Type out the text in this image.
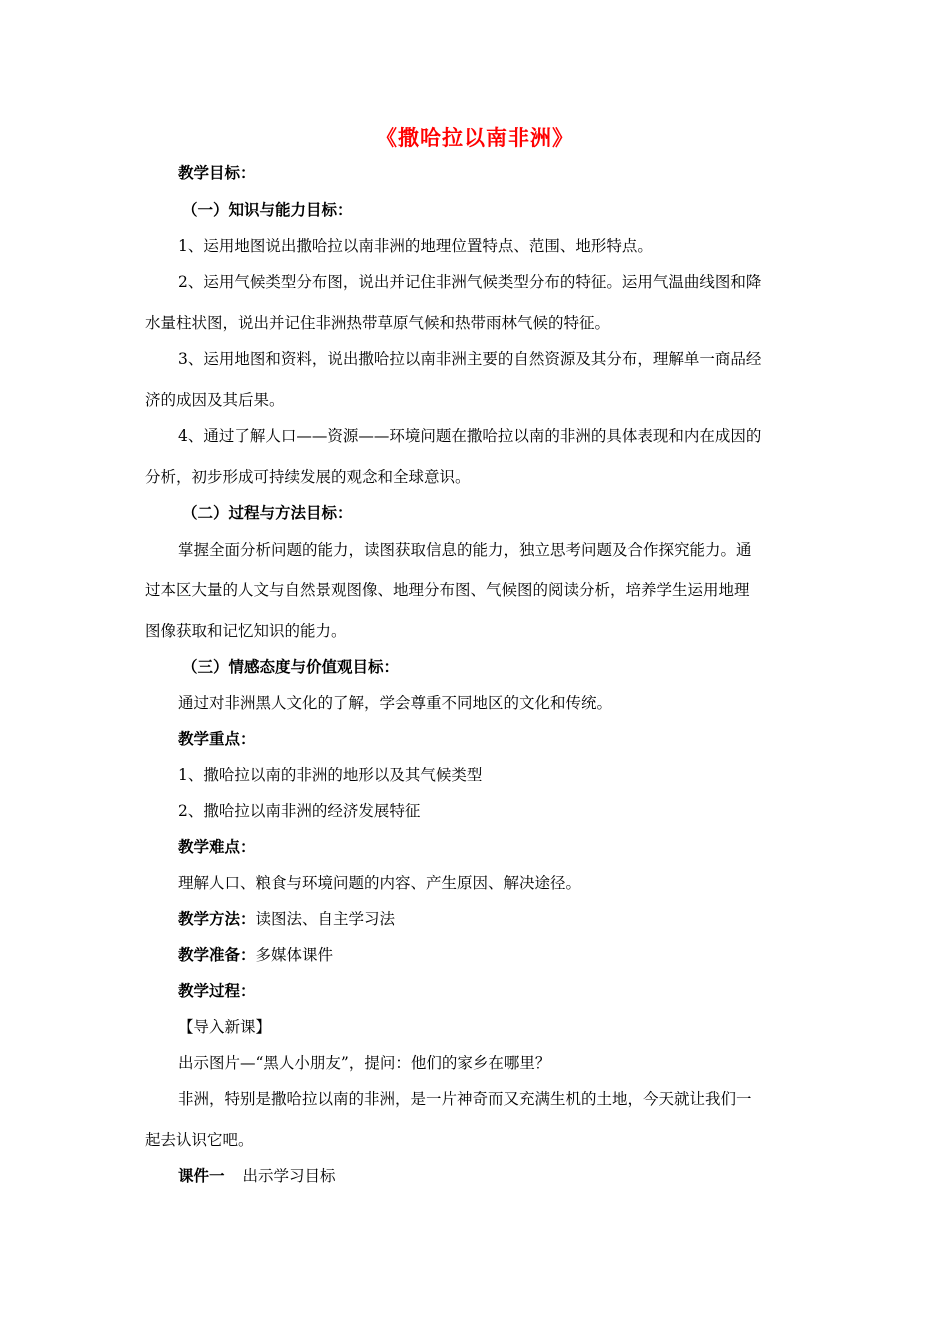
《撒哈拉以南非洲》
教学目标：
（一）知识与能力目标：
1、运用地图说出撒哈拉以南非洲的地理位置特点、范围、地形特点。
2、运用气候类型分布图，说出并记住非洲气候类型分布的特征。运用气温曲线图和降
水量柱状图，说出并记住非洲热带草原气候和热带雨林气候的特征。
3、运用地图和资料，说出撒哈拉以南非洲主要的自然资源及其分布，理解单一商品经
济的成因及其后果。
4、通过了解人口——资源——环境问题在撒哈拉以南的非洲的具体表现和内在成因的
分析，初步形成可持续发展的观念和全球意识。
（二）过程与方法目标：
掌握全面分析问题的能力，读图获取信息的能力，独立思考问题及合作探究能力。通
过本区大量的人文与自然景观图像、地理分布图、气候图的阅读分析，培养学生运用地理
图像获取和记忆知识的能力。
（三）情感态度与价值观目标：
通过对非洲黑人文化的了解，学会尊重不同地区的文化和传统。
教学重点：
1、撒哈拉以南的非洲的地形以及其气候类型
2、撒哈拉以南非洲的经济发展特征
教学难点：
理解人口、粮食与环境问题的内容、产生原因、解决途径。
教学方法：读图法、自主学习法
教学准备：多媒体课件
教学过程：
【导入新课】
出示图片—“黑人小朋友”，提问：他们的家乡在哪里？
非洲，特别是撒哈拉以南的非洲，是一片神奇而又充满生机的土地，今天就让我们一
起去认识它吧。
课件一 出示学习目标
